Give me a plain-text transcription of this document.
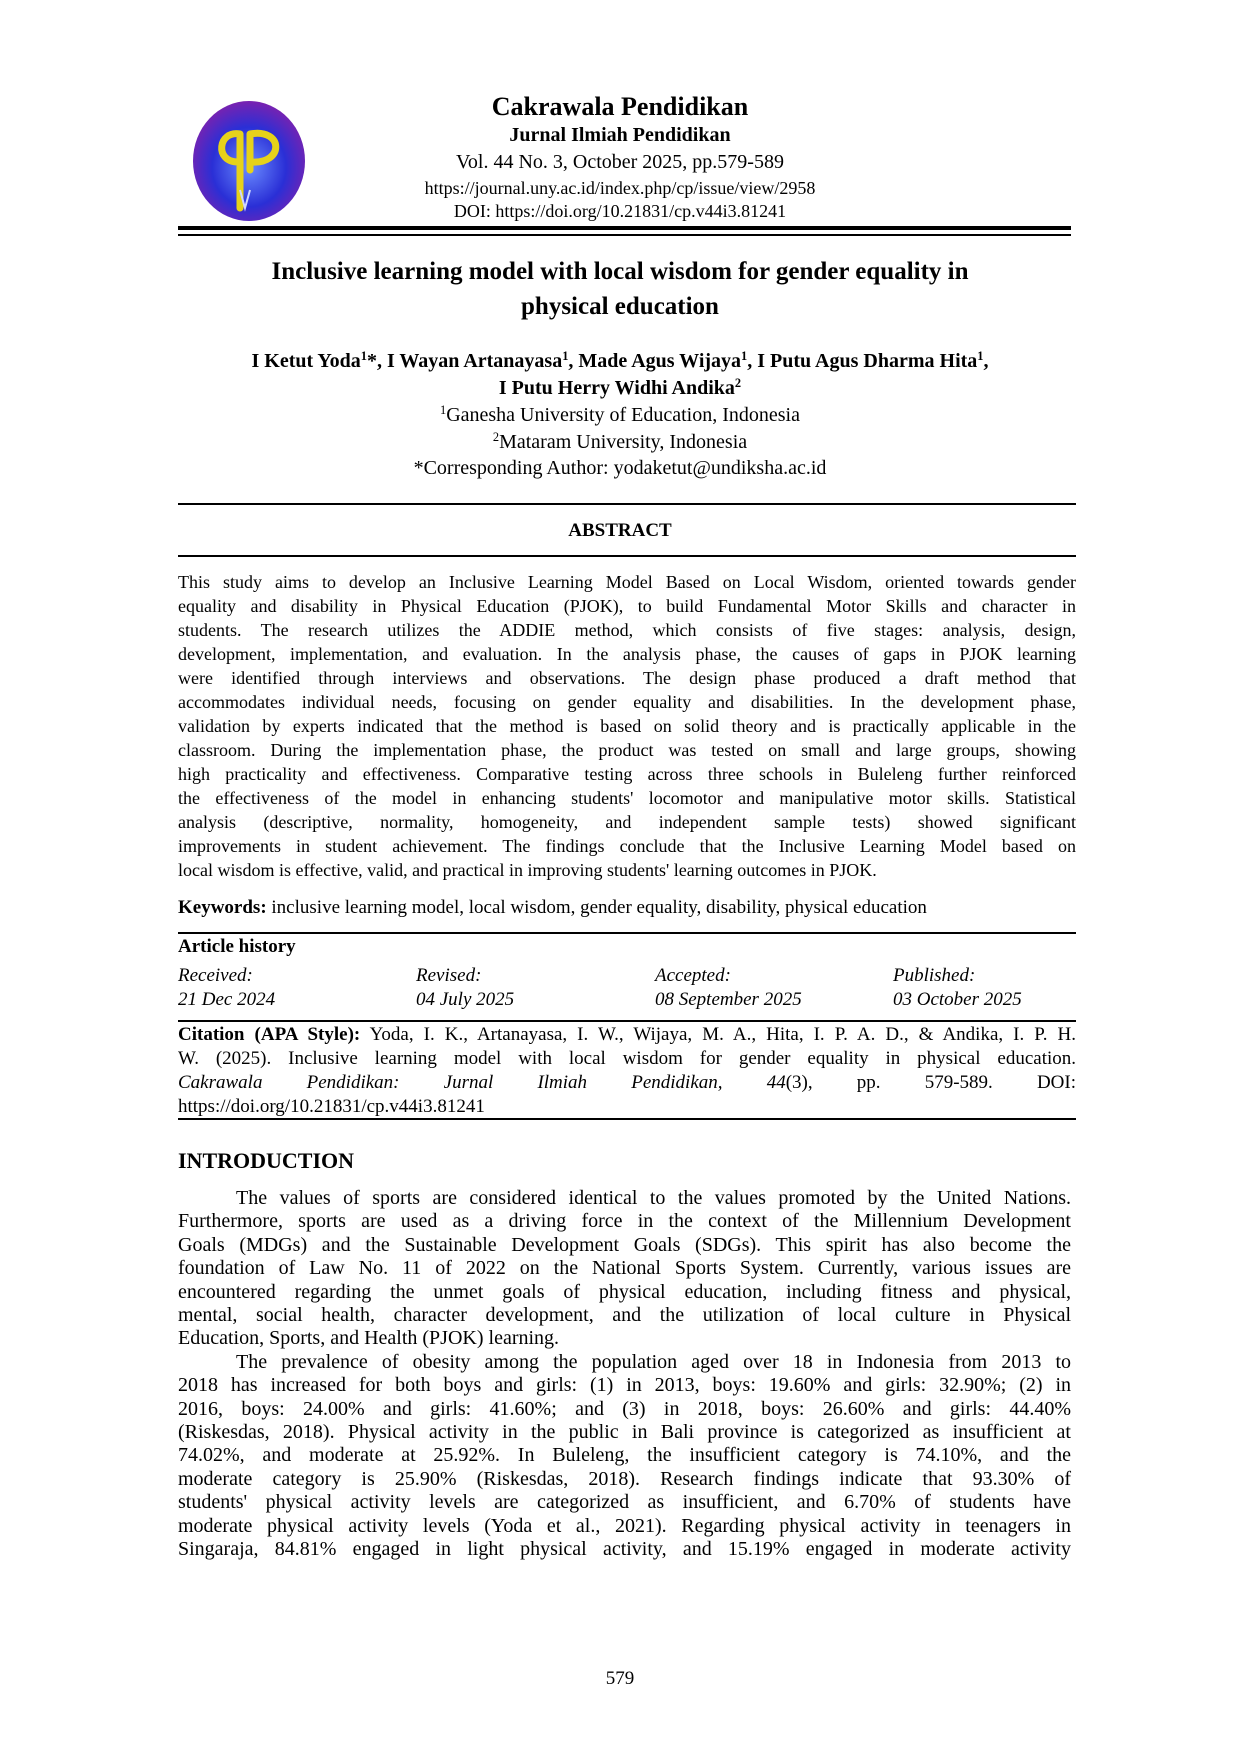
Cakrawala Pendidikan
Jurnal Ilmiah Pendidikan
Vol. 44 No. 3, October 2025, pp.579-589
https://journal.uny.ac.id/index.php/cp/issue/view/2958
DOI: https://doi.org/10.21831/cp.v44i3.81241
Inclusive learning model with local wisdom for gender equality in
physical education
I Ketut Yoda$^1$*, I Wayan Artanayasa$^1$, Made Agus Wijaya$^1$, I Putu Agus Dharma Hita$^1$,
I Putu Herry Widhi Andika$^2$
$^1$Ganesha University of Education, Indonesia
$^2$Mataram University, Indonesia
*Corresponding Author: yodaketut@undiksha.ac.id
ABSTRACT
This study aims to develop an Inclusive Learning Model Based on Local Wisdom, oriented towards gender
equality and disability in Physical Education (PJOK), to build Fundamental Motor Skills and character in
students. The research utilizes the ADDIE method, which consists of five stages: analysis, design,
development, implementation, and evaluation. In the analysis phase, the causes of gaps in PJOK learning
were identified through interviews and observations. The design phase produced a draft method that
accommodates individual needs, focusing on gender equality and disabilities. In the development phase,
validation by experts indicated that the method is based on solid theory and is practically applicable in the
classroom. During the implementation phase, the product was tested on small and large groups, showing
high practicality and effectiveness. Comparative testing across three schools in Buleleng further reinforced
the effectiveness of the model in enhancing students' locomotor and manipulative motor skills. Statistical
analysis (descriptive, normality, homogeneity, and independent sample tests) showed significant
improvements in student achievement. The findings conclude that the Inclusive Learning Model based on
local wisdom is effective, valid, and practical in improving students' learning outcomes in PJOK.
Keywords: inclusive learning model, local wisdom, gender equality, disability, physical education
Article history
Received:
21 Dec 2024
Revised:
04 July 2025
Accepted:
08 September 2025
Published:
03 October 2025
Citation (APA Style): Yoda, I. K., Artanayasa, I. W., Wijaya, M. A., Hita, I. P. A. D., & Andika, I. P. H.
W. (2025). Inclusive learning model with local wisdom for gender equality in physical education.
Cakrawala Pendidikan: Jurnal Ilmiah Pendidikan, 44(3), pp. 579-589. DOI:
https://doi.org/10.21831/cp.v44i3.81241
INTRODUCTION
The values of sports are considered identical to the values promoted by the United Nations.
Furthermore, sports are used as a driving force in the context of the Millennium Development
Goals (MDGs) and the Sustainable Development Goals (SDGs). This spirit has also become the
foundation of Law No. 11 of 2022 on the National Sports System. Currently, various issues are
encountered regarding the unmet goals of physical education, including fitness and physical,
mental, social health, character development, and the utilization of local culture in Physical
Education, Sports, and Health (PJOK) learning.
The prevalence of obesity among the population aged over 18 in Indonesia from 2013 to
2018 has increased for both boys and girls: (1) in 2013, boys: 19.60% and girls: 32.90%; (2) in
2016, boys: 24.00% and girls: 41.60%; and (3) in 2018, boys: 26.60% and girls: 44.40%
(Riskesdas, 2018). Physical activity in the public in Bali province is categorized as insufficient at
74.02%, and moderate at 25.92%. In Buleleng, the insufficient category is 74.10%, and the
moderate category is 25.90% (Riskesdas, 2018). Research findings indicate that 93.30% of
students' physical activity levels are categorized as insufficient, and 6.70% of students have
moderate physical activity levels (Yoda et al., 2021). Regarding physical activity in teenagers in
Singaraja, 84.81% engaged in light physical activity, and 15.19% engaged in moderate activity
579
